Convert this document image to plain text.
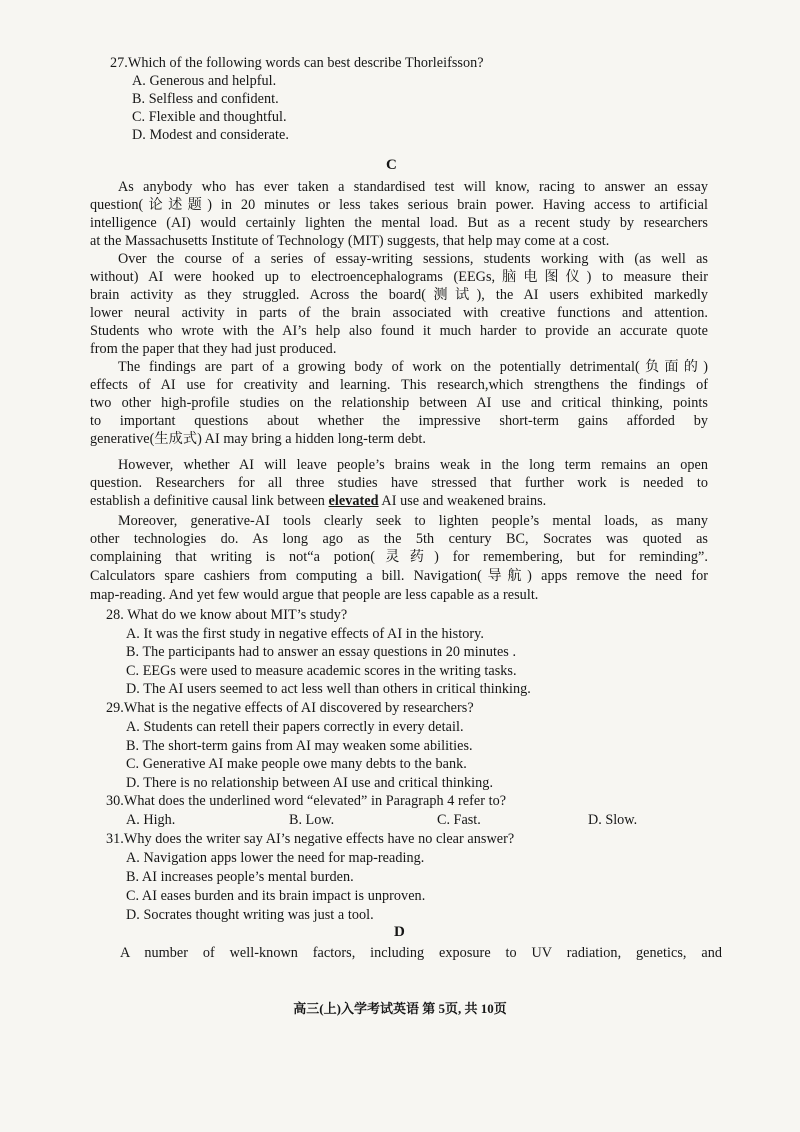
27.Which of the following words can best describe Thorleifsson?
A. Generous and helpful.
B. Selfless and confident.
C. Flexible and thoughtful.
D. Modest and considerate.
C
As anybody who has ever taken a standardised test will know, racing to answer an essay
question(论述题) in 20 minutes or less takes serious brain power. Having access to artificial
intelligence (AI) would certainly lighten the mental load. But as a recent study by researchers
at the Massachusetts Institute of Technology (MIT) suggests, that help may come at a cost.
Over the course of a series of essay-writing sessions, students working with (as well as
without) AI were hooked up to electroencephalograms (EEGs,脑电图仪) to measure their
brain activity as they struggled. Across the board(测试), the AI users exhibited markedly
lower neural activity in parts of the brain associated with creative functions and attention.
Students who wrote with the AI’s help also found it much harder to provide an accurate quote
from the paper that they had just produced.
The findings are part of a growing body of work on the potentially detrimental(负面的)
effects of AI use for creativity and learning. This research,which strengthens the findings of
two other high-profile studies on the relationship between AI use and critical thinking, points
to important questions about whether the impressive short-term gains afforded by
generative(生成式) AI may bring a hidden long-term debt.
However, whether AI will leave people’s brains weak in the long term remains an open
question. Researchers for all three studies have stressed that further work is needed to
establish a definitive causal link between elevated AI use and weakened brains.
Moreover, generative-AI tools clearly seek to lighten people’s mental loads, as many
other technologies do. As long ago as the 5th century BC, Socrates was quoted as
complaining that writing is not“a potion(灵药) for remembering, but for reminding”.
Calculators spare cashiers from computing a bill. Navigation(导航) apps remove the need for
map-reading. And yet few would argue that people are less capable as a result.
28. What do we know about MIT’s study?
A. It was the first study in negative effects of AI in the history.
B. The participants had to answer an essay questions in 20 minutes .
C. EEGs were used to measure academic scores in the writing tasks.
D. The AI users seemed to act less well than others in critical thinking.
29.What is the negative effects of AI discovered by researchers?
A. Students can retell their papers correctly in every detail.
B. The short-term gains from AI may weaken some abilities.
C. Generative AI make people owe many debts to the bank.
D. There is no relationship between AI use and critical thinking.
30.What does the underlined word “elevated” in Paragraph 4 refer to?
A. High.	B. Low.	C. Fast.	D. Slow.
31.Why does the writer say AI’s negative effects have no clear answer?
A. Navigation apps lower the need for map-reading.
B. AI increases people’s mental burden.
C. AI eases burden and its brain impact is unproven.
D. Socrates thought writing was just a tool.
D
A number of well-known factors, including exposure to UV radiation, genetics, and
高三(上)入学考试英语 第 5页, 共 10页
